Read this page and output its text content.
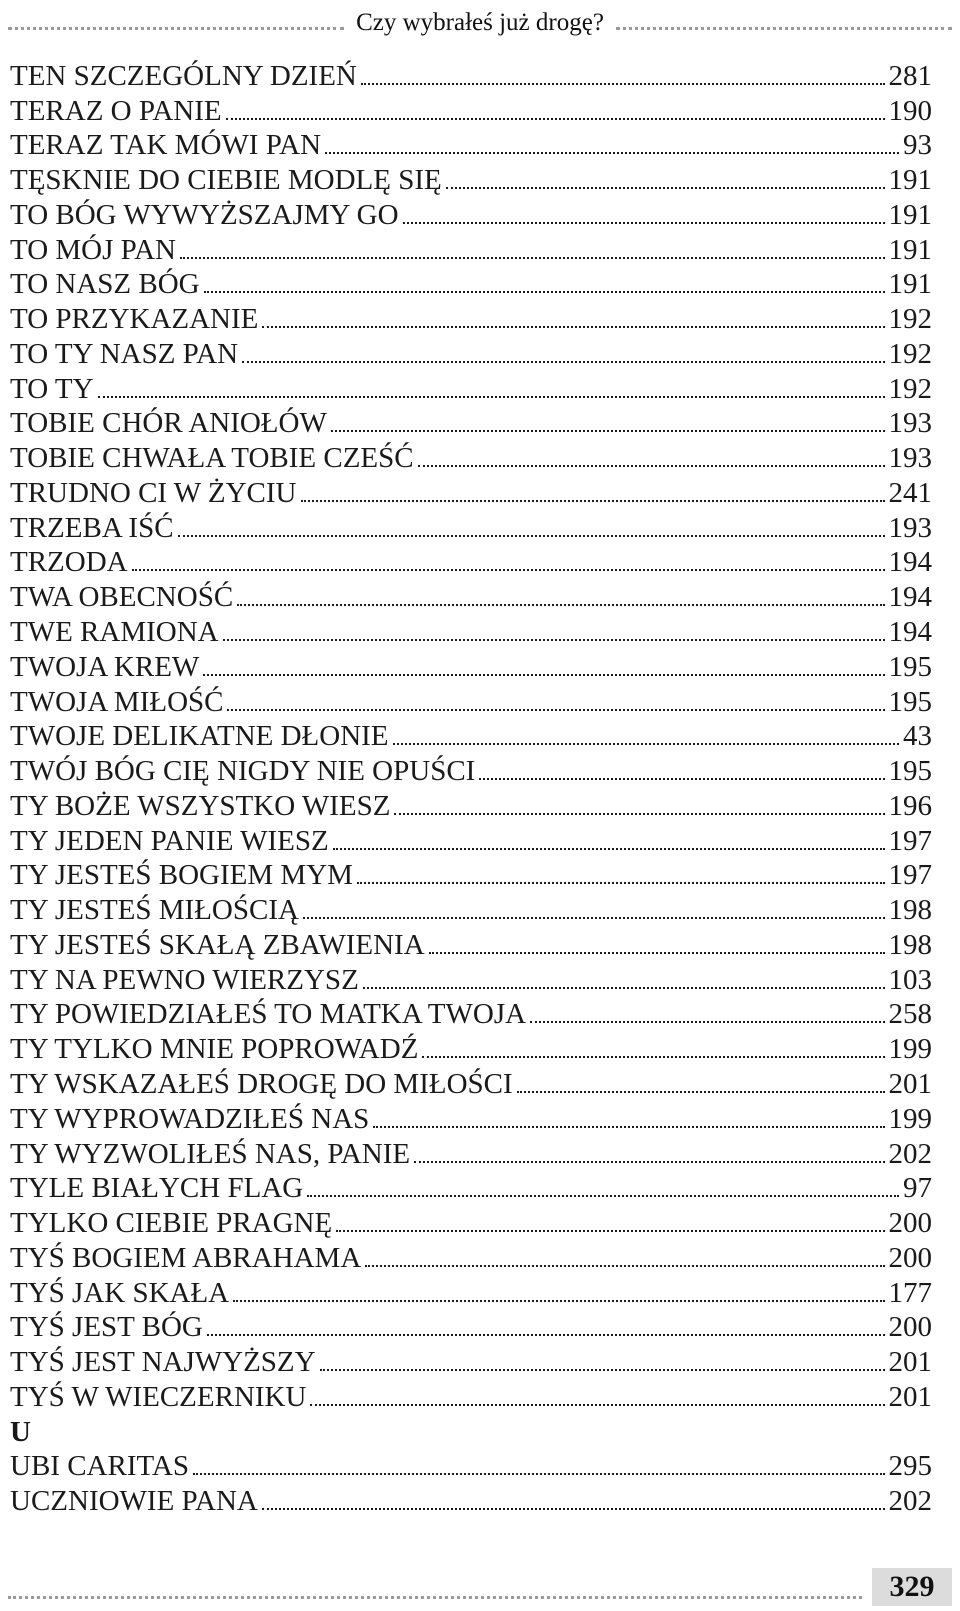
Czy wybrałeś już drogę?
TEN SZCZEGÓLNY DZIEŃ	281
TERAZ O PANIE	190
TERAZ TAK MÓWI PAN	93
TĘSKNIE DO CIEBIE MODLĘ SIĘ	191
TO BÓG WYWYŻSZAJMY GO	191
TO MÓJ PAN	191
TO NASZ BÓG	191
TO PRZYKAZANIE	192
TO TY NASZ PAN	192
TO TY	192
TOBIE CHÓR ANIOŁÓW	193
TOBIE CHWAŁA TOBIE CZEŚĆ	193
TRUDNO CI W ŻYCIU	241
TRZEBA IŚĆ	193
TRZODA	194
TWA OBECNOŚĆ	194
TWE RAMIONA	194
TWOJA KREW	195
TWOJA MIŁOŚĆ	195
TWOJE DELIKATNE DŁONIE	43
TWÓJ BÓG CIĘ NIGDY NIE OPUŚCI	195
TY BOŻE WSZYSTKO WIESZ	196
TY JEDEN PANIE WIESZ	197
TY JESTEŚ BOGIEM MYM	197
TY JESTEŚ MIŁOŚCIĄ	198
TY JESTEŚ SKAŁĄ ZBAWIENIA	198
TY NA PEWNO WIERZYSZ	103
TY POWIEDZIAŁEŚ TO MATKA TWOJA	258
TY TYLKO MNIE POPROWADŹ	199
TY WSKAZAŁEŚ DROGĘ DO MIŁOŚCI	201
TY WYPROWADZIŁEŚ NAS	199
TY WYZWOLIŁEŚ NAS, PANIE	202
TYLE BIAŁYCH FLAG	97
TYLKO CIEBIE PRAGNĘ	200
TYŚ BOGIEM ABRAHAMA	200
TYŚ JAK SKAŁA	177
TYŚ JEST BÓG	200
TYŚ JEST NAJWYŻSZY	201
TYŚ W WIECZERNIKU	201
U
UBI CARITAS	295
UCZNIOWIE PANA	202
329
